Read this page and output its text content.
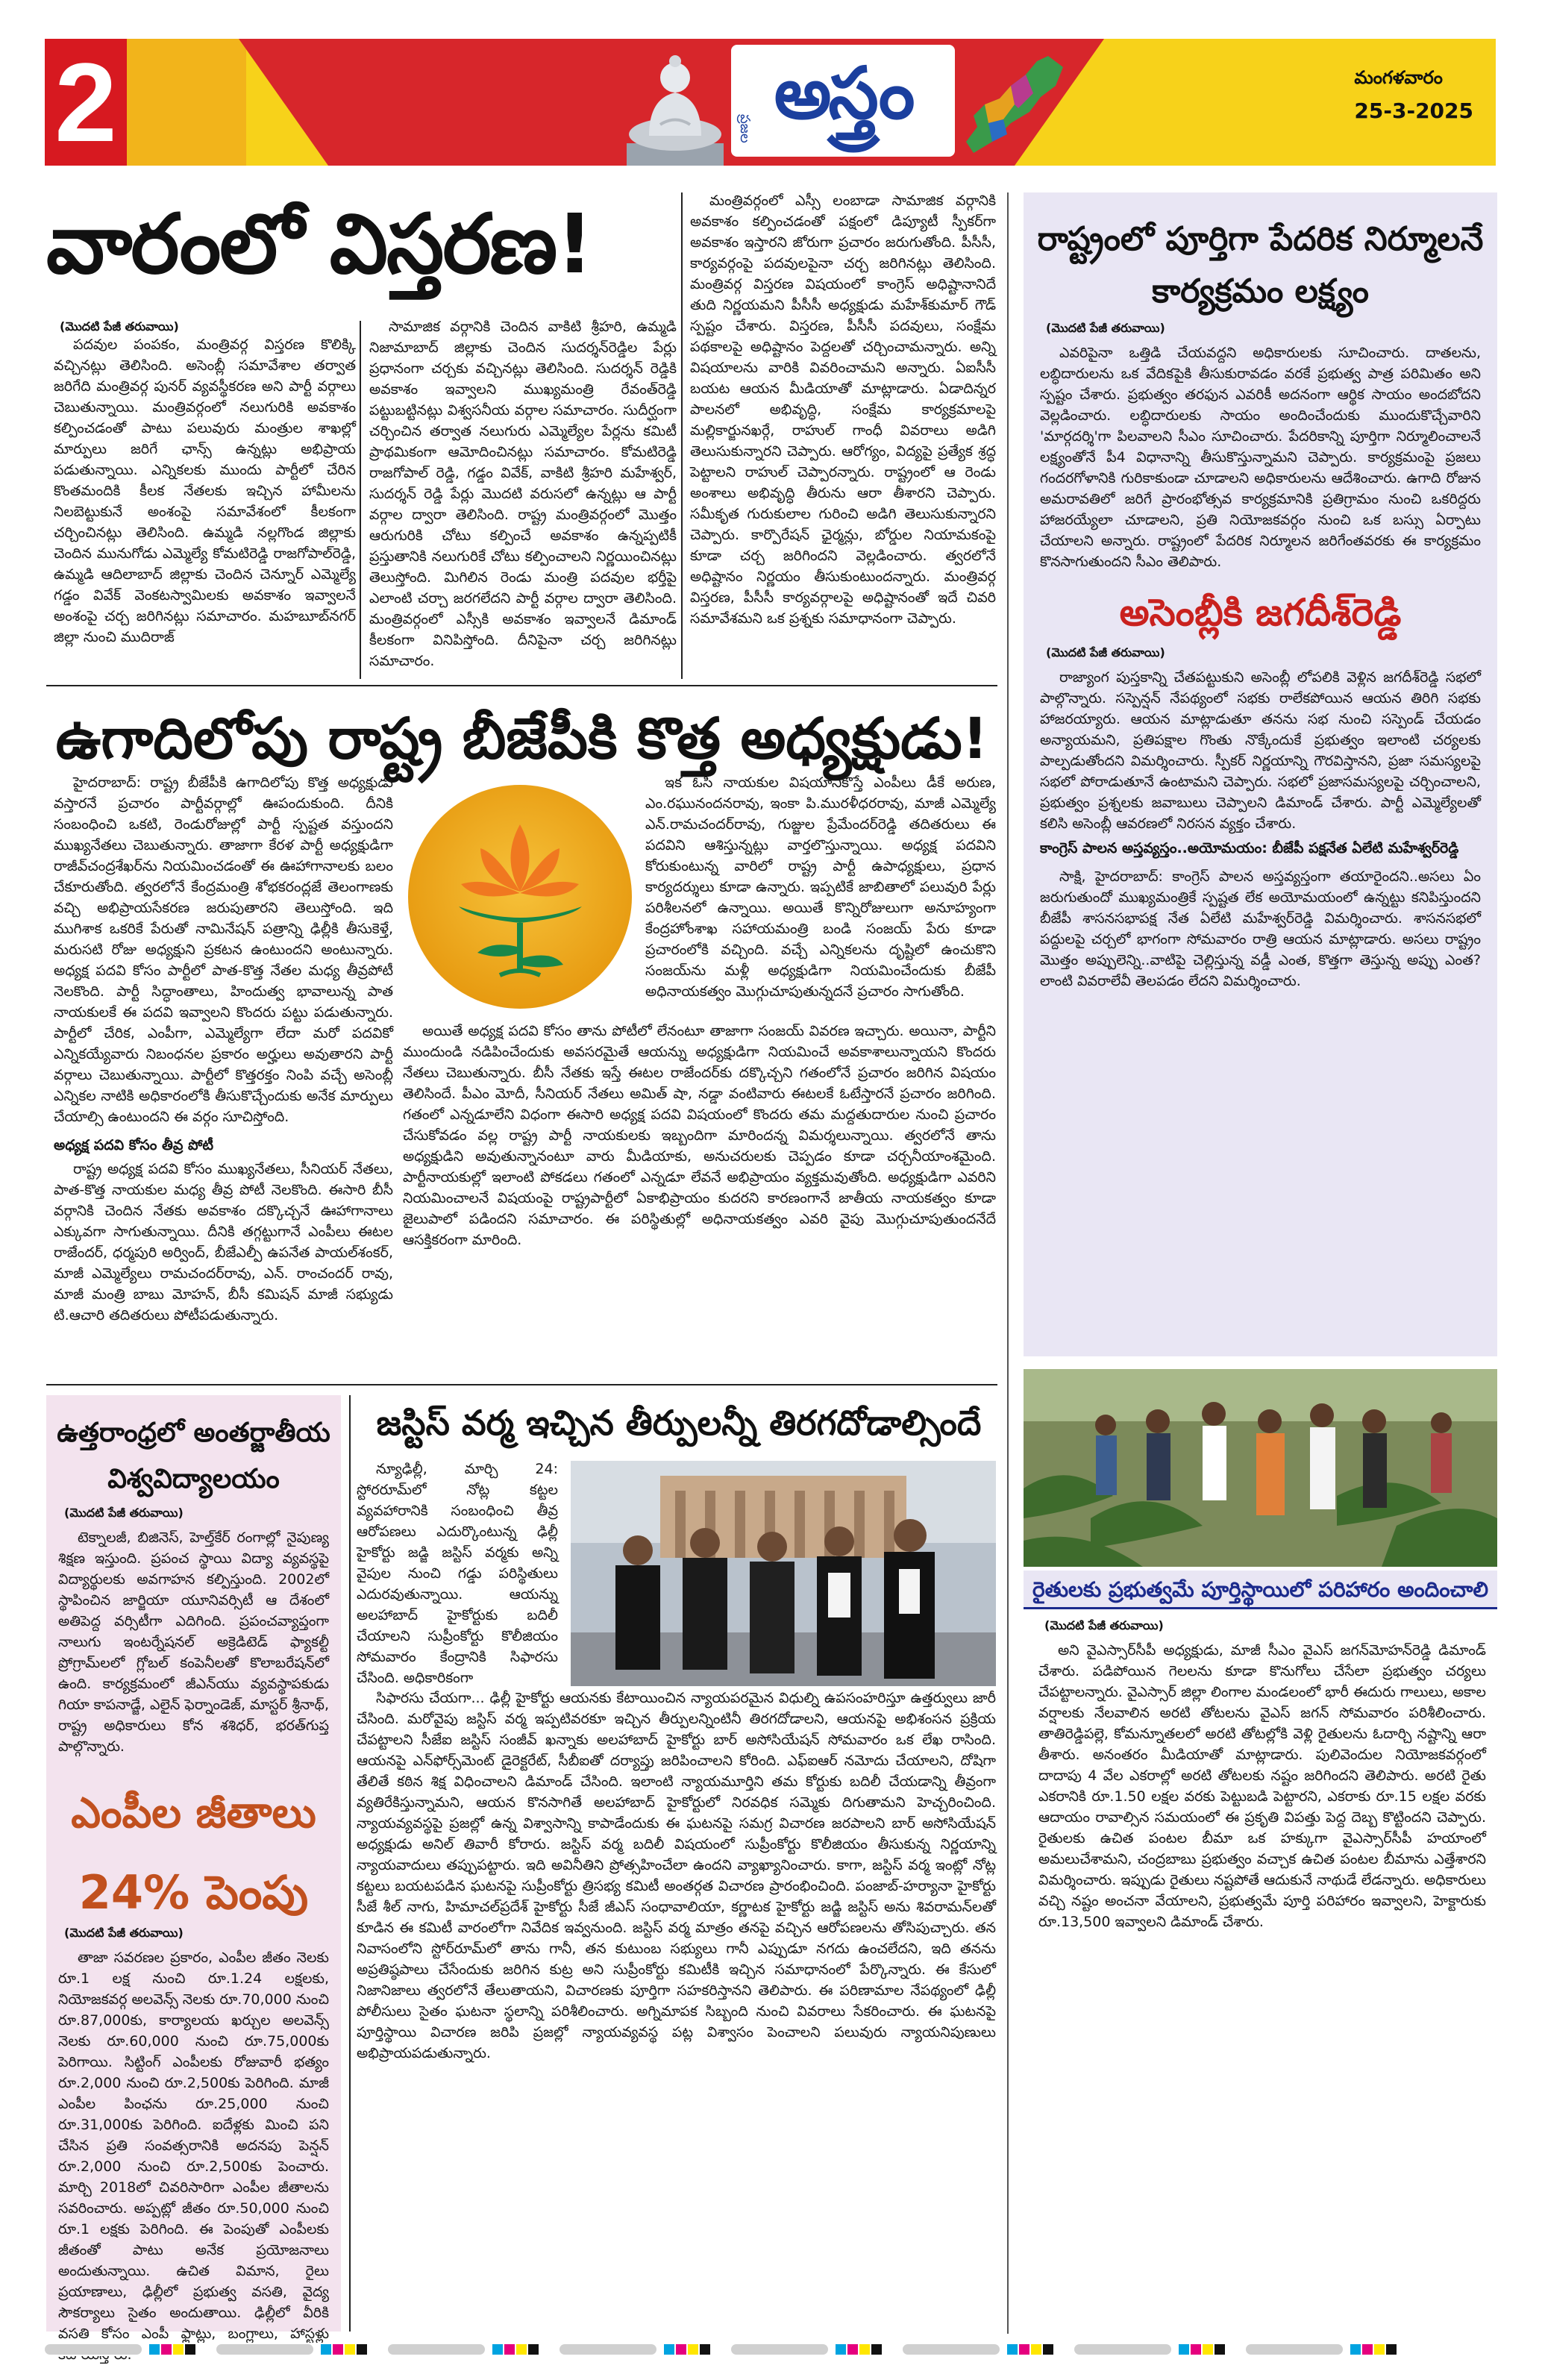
2	ప్రజల అస్త్రం	మంగళవారం
25-3-2025
వారంలో విస్తరణ!
(మొదటి పేజీ తరువాయి)

పదవుల పంపకం, మంత్రివర్గ విస్తరణ కొలిక్కి వచ్చినట్లు తెలిసింది. అసెంబ్లీ సమావేశాల తర్వాత జరిగేది మంత్రివర్గ పునర్ వ్యవస్థీకరణ అని పార్టీ వర్గాలు చెబుతున్నాయి. మంత్రివర్గంలో నలుగురికి అవకాశం కల్పించడంతో పాటు పలువురు మంత్రుల శాఖల్లో మార్పులు జరిగే ఛాన్స్ ఉన్నట్లు అభిప్రాయ పడుతున్నాయి. ఎన్నికలకు ముందు పార్టీలో చేరిన కొంతమందికి కీలక నేతలకు ఇచ్చిన హామీలను నిలబెట్టుకునే అంశంపై సమావేశంలో కీలకంగా చర్చించినట్లు తెలిసింది. ఉమ్మడి నల్లగొండ జిల్లాకు చెందిన మునుగోడు ఎమ్మెల్యే కోమటిరెడ్డి రాజగోపాల్‌రెడ్డి, ఉమ్మడి ఆదిలాబాద్ జిల్లాకు చెందిన చెన్నూర్ ఎమ్మెల్యే గడ్డం వివేక్ వెంకటస్వామిలకు అవకాశం ఇవ్వాలనే అంశంపై చర్చ జరిగినట్లు సమాచారం. మహబూబ్‌నగర్ జిల్లా నుంచి ముదిరాజ్

సామాజిక వర్గానికి చెందిన వాకిటి శ్రీహరి, ఉమ్మడి నిజామాబాద్ జిల్లాకు చెందిన సుదర్శన్‌రెడ్డిల పేర్లు ప్రధానంగా చర్చకు వచ్చినట్లు తెలిసింది. సుదర్శన్ రెడ్డికి అవకాశం ఇవ్వాలని ముఖ్యమంత్రి రేవంత్‌రెడ్డి పట్టుబట్టినట్లు విశ్వసనీయ వర్గాల సమాచారం. సుదీర్ఘంగా చర్చించిన తర్వాత నలుగురు ఎమ్మెల్యేల పేర్లను కమిటీ ప్రాథమికంగా ఆమోదించినట్లు సమాచారం. కోమటిరెడ్డి రాజగోపాల్ రెడ్డి, గడ్డం వివేక్, వాకిటి శ్రీహరి మహేశ్వర్, సుదర్శన్ రెడ్డి పేర్లు మొదటి వరుసలో ఉన్నట్లు ఆ పార్టీ వర్గాల ద్వారా తెలిసింది. రాష్ట్ర మంత్రివర్గంలో మొత్తం ఆరుగురికి చోటు కల్పించే అవకాశం ఉన్నప్పటికీ ప్రస్తుతానికి నలుగురికే చోటు కల్పించాలని నిర్ణయించినట్లు తెలుస్తోంది. మిగిలిన రెండు మంత్రి పదవుల భర్తీపై ఎలాంటి చర్చా జరగలేదని పార్టీ వర్గాల ద్వారా తెలిసింది. మంత్రివర్గంలో ఎస్సీకి అవకాశం ఇవ్వాలనే డిమాండ్ కీలకంగా వినిపిస్తోంది. దీనిపైనా చర్చ జరిగినట్లు సమాచారం.

మంత్రివర్గంలో ఎస్సీ లంబాడా సామాజిక వర్గానికి అవకాశం కల్పించడంతో పక్షంలో డిప్యూటీ స్పీకర్‌గా అవకాశం ఇస్తారని జోరుగా ప్రచారం జరుగుతోంది. పీసీసీ, కార్యవర్గంపై పదవులపైనా చర్చ జరిగినట్లు తెలిసింది. మంత్రివర్గ విస్తరణ విషయంలో కాంగ్రెస్ అధిష్టానానిదే తుది నిర్ణయమని పీసీసీ అధ్యక్షుడు మహేశ్‌కుమార్ గౌడ్ స్పష్టం చేశారు. విస్తరణ, పీసీసీ పదవులు, సంక్షేమ పథకాలపై అధిష్టానం పెద్దలతో చర్చించామన్నారు. అన్ని విషయాలను వారికి వివరించామని అన్నారు. ఏఐసీసీ బయట ఆయన మీడియాతో మాట్లాడారు. ఏడాదిన్నర పాలనలో అభివృద్ధి, సంక్షేమ కార్యక్రమాలపై మల్లికార్జునఖర్గే, రాహుల్ గాంధీ వివరాలు అడిగి తెలుసుకున్నారని చెప్పారు. ఆరోగ్యం, విద్యపై ప్రత్యేక శ్రద్ధ పెట్టాలని రాహుల్ చెప్పారన్నారు. రాష్ట్రంలో ఆ రెండు అంశాలు అభివృద్ధి తీరును ఆరా తీశారని చెప్పారు. సమీకృత గురుకులాల గురించి అడిగి తెలుసుకున్నారని చెప్పారు. కార్పొరేషన్ ఛైర్మన్లు, బోర్డుల నియామకంపై కూడా చర్చ జరిగిందని వెల్లడించారు. త్వరలోనే అధిష్టానం నిర్ణయం తీసుకుంటుందన్నారు. మంత్రివర్గ విస్తరణ, పీసీసీ కార్యవర్గాలపై అధిష్టానంతో ఇదే చివరి సమావేశమని ఒక ప్రశ్నకు సమాధానంగా చెప్పారు.

ఉగాదిలోపు రాష్ట్ర బీజేపీకి కొత్త అధ్యక్షుడు!

హైదరాబాద్: రాష్ట్ర బీజేపీకి ఉగాదిలోపు కొత్త అధ్యక్షుడు వస్తారనే ప్రచారం పార్టీవర్గాల్లో ఊపందుకుంది. దీనికి సంబంధించి ఒకటి, రెండురోజుల్లో పార్టీ స్పష్టత వస్తుందని ముఖ్యనేతలు చెబుతున్నారు. తాజాగా కేరళ పార్టీ అధ్యక్షుడిగా రాజీవ్‌చంద్రశేఖర్‌ను నియమించడంతో ఈ ఊహాగానాలకు బలం చేకూరుతోంది. త్వరలోనే కేంద్రమంత్రి శోభకరంద్లజే తెలంగాణకు వచ్చి అభిప్రాయసేకరణ జరుపుతారని తెలుస్తోంది. ఇది ముగిశాక ఒకరికే పేరుతో నామినేషన్ పత్రాన్ని ఢిల్లీకి తీసుకెళ్తే, మరుసటి రోజు అధ్యక్షుని ప్రకటన ఉంటుందని అంటున్నారు. అధ్యక్ష పదవి కోసం పార్టీలో పాత-కొత్త నేతల మధ్య తీవ్రపోటీ నెలకొంది. పార్టీ సిద్ధాంతాలు, హిందుత్వ భావాలున్న పాత నాయకులకే ఈ పదవి ఇవ్వాలని కొందరు పట్టు పడుతున్నారు. పార్టీలో చేరిక, ఎంపీగా, ఎమ్మెల్యేగా లేదా మరో పదవికో ఎన్నికయ్యేవారు నిబంధనల ప్రకారం అర్హులు అవుతారని పార్టీ వర్గాలు చెబుతున్నాయి. పార్టీలో కొత్తరక్తం నింపి వచ్చే అసెంబ్లీ ఎన్నికల నాటికి అధికారంలోకి తీసుకొచ్చేందుకు అనేక మార్పులు చేయాల్సి ఉంటుందని ఈ వర్గం సూచిస్తోంది.

అధ్యక్ష పదవి కోసం తీవ్ర పోటీ

రాష్ట్ర అధ్యక్ష పదవి కోసం ముఖ్యనేతలు, సీనియర్ నేతలు, పాత-కొత్త నాయకుల మధ్య తీవ్ర పోటీ నెలకొంది. ఈసారి బీసీ వర్గానికి చెందిన నేతకు అవకాశం దక్కొచ్చనే ఊహాగానాలు ఎక్కువగా సాగుతున్నాయి. దీనికి తగ్గట్టుగానే ఎంపీలు ఈటల రాజేందర్, ధర్మపురి అర్వింద్, బీజేఎల్పీ ఉపనేత పాయల్‌శంకర్, మాజీ ఎమ్మెల్యేలు రామచందర్‌రావు, ఎన్. రాంచందర్ రావు, మాజీ మంత్రి బాబు మోహన్, బీసీ కమిషన్ మాజీ సభ్యుడు టి.ఆచారి తదితరులు పోటీపడుతున్నారు.

ఇక ఓసీ నాయకుల విషయానికొస్తే ఎంపీలు డీకే అరుణ, ఎం.రఘునందనరావు, ఇంకా పి.మురళీధరరావు, మాజీ ఎమ్మెల్యే ఎన్.రామచందర్‌రావు, గుజ్జుల ప్రేమేందర్‌రెడ్డి తదితరులు ఈ పదవిని ఆశిస్తున్నట్లు వార్తలొస్తున్నాయి. అధ్యక్ష పదవిని కోరుకుంటున్న వారిలో రాష్ట్ర పార్టీ ఉపాధ్యక్షులు, ప్రధాన కార్యదర్శులు కూడా ఉన్నారు. ఇప్పటికే జాబితాలో పలువురి పేర్లు పరిశీలనలో ఉన్నాయి. అయితే కొన్నిరోజులుగా అనూహ్యంగా కేంద్రహోంశాఖ సహాయమంత్రి బండి సంజయ్ పేరు కూడా ప్రచారంలోకి వచ్చింది. వచ్చే ఎన్నికలను దృష్టిలో ఉంచుకొని సంజయ్‌ను మళ్లీ అధ్యక్షుడిగా నియమించేందుకు బీజేపీ అధినాయకత్వం మొగ్గుచూపుతున్నదనే ప్రచారం సాగుతోంది.

అయితే అధ్యక్ష పదవి కోసం తాను పోటీలో లేనంటూ తాజాగా సంజయ్ వివరణ ఇచ్చారు. అయినా, పార్టీని ముందుండి నడిపించేందుకు అవసరమైతే ఆయన్ను అధ్యక్షుడిగా నియమించే అవకాశాలున్నాయని కొందరు నేతలు చెబుతున్నారు. బీసీ నేతకు ఇస్తే ఈటల రాజేందర్‌కు దక్కొచ్చని గతంలోనే ప్రచారం జరిగిన విషయం తెలిసిందే. పీఎం మోదీ, సీనియర్ నేతలు అమిత్ షా, నడ్డా వంటివారు ఈటలకే ఓటేస్తారనే ప్రచారం జరిగింది. గతంలో ఎన్నడూలేని విధంగా ఈసారి అధ్యక్ష పదవి విషయంలో కొందరు తమ మద్దతుదారుల నుంచి ప్రచారం చేసుకోవడం వల్ల రాష్ట్ర పార్టీ నాయకులకు ఇబ్బందిగా మారిందన్న విమర్శలున్నాయి. త్వరలోనే తాను అధ్యక్షుడిని అవుతున్నానంటూ వారు మీడియాకు, అనుచరులకు చెప్పడం కూడా చర్చనీయాంశమైంది. పార్టీనాయకుల్లో ఇలాంటి పోకడలు గతంలో ఎన్నడూ లేవనే అభిప్రాయం వ్యక్తమవుతోంది. అధ్యక్షుడిగా ఎవరిని నియమించాలనే విషయంపై రాష్ట్రపార్టీలో ఏకాభిప్రాయం కుదరని కారణంగానే జాతీయ నాయకత్వం కూడా జైలుపాలో పడిందని సమాచారం. ఈ పరిస్థితుల్లో అధినాయకత్వం ఎవరి వైపు మొగ్గుచూపుతుందనేదే ఆసక్తికరంగా మారింది.

రాష్ట్రంలో పూర్తిగా పేదరిక నిర్మూలనే కార్యక్రమం లక్ష్యం
(మొదటి పేజీ తరువాయి)

ఎవరిపైనా ఒత్తిడి చేయవద్దని అధికారులకు సూచించారు. దాతలను, లబ్ధిదారులను ఒక వేదికపైకి తీసుకురావడం వరకే ప్రభుత్వ పాత్ర పరిమితం అని స్పష్టం చేశారు. ప్రభుత్వం తరఫున ఎవరికీ అదనంగా ఆర్థిక సాయం అందబోదని వెల్లడించారు. లబ్ధిదారులకు సాయం అందించేందుకు ముందుకొచ్చేవారిని 'మార్గదర్శి'గా పిలవాలని సీఎం సూచించారు. పేదరికాన్ని పూర్తిగా నిర్మూలించాలనే లక్ష్యంతోనే పీ4 విధానాన్ని తీసుకొస్తున్నామని చెప్పారు. కార్యక్రమంపై ప్రజలు గందరగోళానికి గురికాకుండా చూడాలని అధికారులను ఆదేశించారు. ఉగాది రోజున అమరావతిలో జరిగే ప్రారంభోత్సవ కార్యక్రమానికి ప్రతిగ్రామం నుంచి ఒకరిద్దరు హాజరయ్యేలా చూడాలని, ప్రతి నియోజకవర్గం నుంచి ఒక బస్సు ఏర్పాటు చేయాలని అన్నారు. రాష్ట్రంలో పేదరిక నిర్మూలన జరిగేంతవరకు ఈ కార్యక్రమం కొనసాగుతుందని సీఎం తెలిపారు.

అసెంబ్లీకి జగదీశ్‌రెడ్డి
(మొదటి పేజీ తరువాయి)

రాజ్యాంగ పుస్తకాన్ని చేతపట్టుకుని అసెంబ్లీ లోపలికి వెళ్లిన జగదీశ్‌రెడ్డి సభలో పాల్గొన్నారు. సస్పెన్షన్ నేపథ్యంలో సభకు రాలేకపోయిన ఆయన తిరిగి సభకు హాజరయ్యారు. ఆయన మాట్లాడుతూ తనను సభ నుంచి సస్పెండ్ చేయడం అన్యాయమని, ప్రతిపక్షాల గొంతు నొక్కేందుకే ప్రభుత్వం ఇలాంటి చర్యలకు పాల్పడుతోందని విమర్శించారు. స్పీకర్ నిర్ణయాన్ని గౌరవిస్తానని, ప్రజా సమస్యలపై సభలో పోరాడుతూనే ఉంటామని చెప్పారు. సభలో ప్రజాసమస్యలపై చర్చించాలని, ప్రభుత్వం ప్రశ్నలకు జవాబులు చెప్పాలని డిమాండ్ చేశారు. పార్టీ ఎమ్మెల్యేలతో కలిసి అసెంబ్లీ ఆవరణలో నిరసన వ్యక్తం చేశారు.

కాంగ్రెస్ పాలన అస్తవ్యస్తం..అయోమయం: బీజేపీ పక్షనేత ఏలేటి మహేశ్వర్‌రెడ్డి

సాక్షి, హైదరాబాద్: కాంగ్రెస్ పాలన అస్తవ్యస్తంగా తయారైందని..అసలు ఏం జరుగుతుందో ముఖ్యమంత్రికే స్పష్టత లేక అయోమయంలో ఉన్నట్టు కనిపిస్తుందని బీజేపీ శాసనసభాపక్ష నేత ఏలేటి మహేశ్వర్‌రెడ్డి విమర్శించారు. శాసనసభలో పద్దులపై చర్చలో భాగంగా సోమవారం రాత్రి ఆయన మాట్లాడారు. అసలు రాష్ట్రం మొత్తం అప్పులెన్ని..వాటిపై చెల్లిస్తున్న వడ్డీ ఎంత, కొత్తగా తెస్తున్న అప్పు ఎంత? లాంటి వివరాలేవీ తెలపడం లేదని విమర్శించారు.

రైతులకు ప్రభుత్వమే పూర్తిస్థాయిలో పరిహారం అందించాలి
(మొదటి పేజీ తరువాయి)

అని వైఎస్సార్‌సీపీ అధ్యక్షుడు, మాజీ సీఎం వైఎస్ జగన్‌మోహన్‌రెడ్డి డిమాండ్ చేశారు. పడిపోయిన గెలలను కూడా కొనుగోలు చేసేలా ప్రభుత్వం చర్యలు చేపట్టాలన్నారు. వైఎస్సార్ జిల్లా లింగాల మండలంలో భారీ ఈదురు గాలులు, అకాల వర్షాలకు నేలవాలిన అరటి తోటలను వైఎస్ జగన్ సోమవారం పరిశీలించారు. తాతిరెడ్డిపల్లె, కోమన్నూతలలో అరటి తోటల్లోకి వెళ్లి రైతులను ఓదార్చి నష్టాన్ని ఆరా తీశారు. అనంతరం మీడియాతో మాట్లాడారు. పులివెందుల నియోజకవర్గంలో దాదాపు 4 వేల ఎకరాల్లో అరటి తోటలకు నష్టం జరిగిందని తెలిపారు. అరటి రైతు ఎకరానికి రూ.1.50 లక్షల వరకు పెట్టుబడి పెట్టారని, ఎకరాకు రూ.15 లక్షల వరకు ఆదాయం రావాల్సిన సమయంలో ఈ ప్రకృతి విపత్తు పెద్ద దెబ్బ కొట్టిందని చెప్పారు. రైతులకు ఉచిత పంటల బీమా ఒక హక్కుగా వైఎస్సార్‌సీపీ హయాంలో అమలుచేశామని, చంద్రబాబు ప్రభుత్వం వచ్చాక ఉచిత పంటల బీమాను ఎత్తేశారని విమర్శించారు. ఇప్పుడు రైతులు నష్టపోతే ఆదుకునే నాథుడే లేడన్నారు. అధికారులు వచ్చి నష్టం అంచనా వేయాలని, ప్రభుత్వమే పూర్తి పరిహారం ఇవ్వాలని, హెక్టారుకు రూ.13,500 ఇవ్వాలని డిమాండ్ చేశారు.

ఉత్తరాంధ్రలో అంతర్జాతీయ విశ్వవిద్యాలయం
(మొదటి పేజీ తరువాయి)

టెక్నాలజీ, బిజినెస్, హెల్త్‌కేర్ రంగాల్లో నైపుణ్య శిక్షణ ఇస్తుంది. ప్రపంచ స్థాయి విద్యా వ్యవస్థపై విద్యార్థులకు అవగాహన కల్పిస్తుంది. 2002లో స్థాపించిన జార్జియా యూనివర్సిటీ ఆ దేశంలో అతిపెద్ద వర్సిటీగా ఎదిగింది. ప్రపంచవ్యాప్తంగా నాలుగు ఇంటర్నేషనల్ అక్రెడిటెడ్ ఫ్యాకల్టీ ప్రోగ్రామ్‌లలో గ్లోబల్ కంపెనీలతో కొలాబరేషన్‌లో ఉంది. కార్యక్రమంలో జీఎన్‌యు వ్యవస్థాపకుడు గియా కాపనాడ్జే, ఎలైన్ ఫెర్నాండెజ్, మాస్టర్ శ్రీనాథ్, రాష్ట్ర అధికారులు కోన శశిధర్, భరత్‌గుప్త పాల్గొన్నారు.

ఎంపీల జీతాలు
24% పెంపు
(మొదటి పేజీ తరువాయి)

తాజా సవరణల ప్రకారం, ఎంపీల జీతం నెలకు రూ.1 లక్ష నుంచి రూ.1.24 లక్షలకు, నియోజకవర్గ అలవెన్స్ నెలకు రూ.70,000 నుంచి రూ.87,000కు, కార్యాలయ ఖర్చుల అలవెన్స్ నెలకు రూ.60,000 నుంచి రూ.75,000కు పెరిగాయి. సిట్టింగ్ ఎంపీలకు రోజువారీ భత్యం రూ.2,000 నుంచి రూ.2,500కు పెరిగింది. మాజీ ఎంపీల పింఛను రూ.25,000 నుంచి రూ.31,000కు పెరిగింది. ఐదేళ్లకు మించి పని చేసిన ప్రతి సంవత్సరానికి అదనపు పెన్షన్ రూ.2,000 నుంచి రూ.2,500కు పెంచారు. మార్చి 2018లో చివరిసారిగా ఎంపీల జీతాలను సవరించారు. అప్పట్లో జీతం రూ.50,000 నుంచి రూ.1 లక్షకు పెరిగింది. ఈ పెంపుతో ఎంపీలకు జీతంతో పాటు అనేక ప్రయోజనాలు అందుతున్నాయి. ఉచిత విమాన, రైలు ప్రయాణాలు, ఢిల్లీలో ప్రభుత్వ వసతి, వైద్య సౌకర్యాలు సైతం అందుతాయి. ఢిల్లీలో వీరికి వసతి కోసం ఎంపీ ఫ్లాట్లు, బంగ్లాలు, హాస్టళ్లు

జస్టిస్ వర్మ ఇచ్చిన తీర్పులన్నీ తిరగదోడాల్సిందే

న్యూఢిల్లీ, మార్చి 24: స్టోరరూమ్‌లో నోట్ల కట్టల వ్యవహారానికి సంబంధించి తీవ్ర ఆరోపణలు ఎదుర్కొంటున్న ఢిల్లీ హైకోర్టు జడ్జి జస్టిస్ వర్మకు అన్ని వైపుల నుంచి గడ్డు పరిస్థితులు ఎదురవుతున్నాయి. ఆయన్ను అలహాబాద్ హైకోర్టుకు బదిలీ చేయాలని సుప్రీంకోర్టు కొలీజియం సోమవారం కేంద్రానికి సిఫారసు చేసింది. అధికారికంగా

సిఫారసు చేయగా... ఢిల్లీ హైకోర్టు ఆయనకు కేటాయించిన న్యాయపరమైన విధుల్ని ఉపసంహరిస్తూ ఉత్తర్వులు జారీ చేసింది. మరోవైపు జస్టిస్ వర్మ ఇప్పటివరకూ ఇచ్చిన తీర్పులన్నింటినీ తిరగదోడాలని, ఆయనపై అభిశంసన ప్రక్రియ చేపట్టాలని సీజేఐ జస్టిస్ సంజీవ్ ఖన్నాకు అలహాబాద్ హైకోర్టు బార్ అసోసియేషన్ సోమవారం ఒక లేఖ రాసింది. ఆయనపై ఎన్‌ఫోర్స్‌మెంట్ డైరెక్టరేట్, సీబీఐతో దర్యాప్తు జరిపించాలని కోరింది. ఎఫ్‌ఐఆర్ నమోదు చేయాలని, దోషిగా తేలితే కఠిన శిక్ష విధించాలని డిమాండ్ చేసింది. ఇలాంటి న్యాయమూర్తిని తమ కోర్టుకు బదిలీ చేయడాన్ని తీవ్రంగా వ్యతిరేకిస్తున్నామని, ఆయన కొనసాగితే అలహాబాద్ హైకోర్టులో నిరవధిక సమ్మెకు దిగుతామని హెచ్చరించింది. న్యాయవ్యవస్థపై ప్రజల్లో ఉన్న విశ్వాసాన్ని కాపాడేందుకు ఈ ఘటనపై సమగ్ర విచారణ జరపాలని బార్ అసోసియేషన్ అధ్యక్షుడు అనిల్ తివారీ కోరారు. జస్టిస్ వర్మ బదిలీ విషయంలో సుప్రీంకోర్టు కొలీజియం తీసుకున్న నిర్ణయాన్ని న్యాయవాదులు తప్పుపట్టారు. ఇది అవినీతిని ప్రోత్సహించేలా ఉందని వ్యాఖ్యానించారు. కాగా, జస్టిస్ వర్మ ఇంట్లో నోట్ల కట్టలు బయటపడిన ఘటనపై సుప్రీంకోర్టు త్రిసభ్య కమిటీ అంతర్గత విచారణ ప్రారంభించింది. పంజాబ్-హర్యానా హైకోర్టు సీజే శీల్ నాగు, హిమాచల్‌ప్రదేశ్ హైకోర్టు సీజే జీఎస్ సంధావాలియా, కర్ణాటక హైకోర్టు జడ్జి జస్టిస్ అను శివరామన్‌లతో కూడిన ఈ కమిటీ వారంలోగా నివేదిక ఇవ్వనుంది. జస్టిస్ వర్మ మాత్రం తనపై వచ్చిన ఆరోపణలను తోసిపుచ్చారు. తన నివాసంలోని స్టోర్‌రూమ్‌లో తాను గానీ, తన కుటుంబ సభ్యులు గానీ ఎప్పుడూ నగదు ఉంచలేదని, ఇది తనను అప్రతిష్ఠపాలు చేసేందుకు జరిగిన కుట్ర అని సుప్రీంకోర్టు కమిటీకి ఇచ్చిన సమాధానంలో పేర్కొన్నారు. ఈ కేసులో నిజానిజాలు త్వరలోనే తేలుతాయని, విచారణకు పూర్తిగా సహకరిస్తానని తెలిపారు. ఈ పరిణామాల నేపథ్యంలో ఢిల్లీ పోలీసులు సైతం ఘటనా స్థలాన్ని పరిశీలించారు. అగ్నిమాపక సిబ్బంది నుంచి వివరాలు సేకరించారు. ఈ ఘటనపై పూర్తిస్థాయి విచారణ జరిపి ప్రజల్లో న్యాయవ్యవస్థ పట్ల విశ్వాసం పెంచాలని పలువురు న్యాయనిపుణులు అభిప్రాయపడుతున్నారు.
